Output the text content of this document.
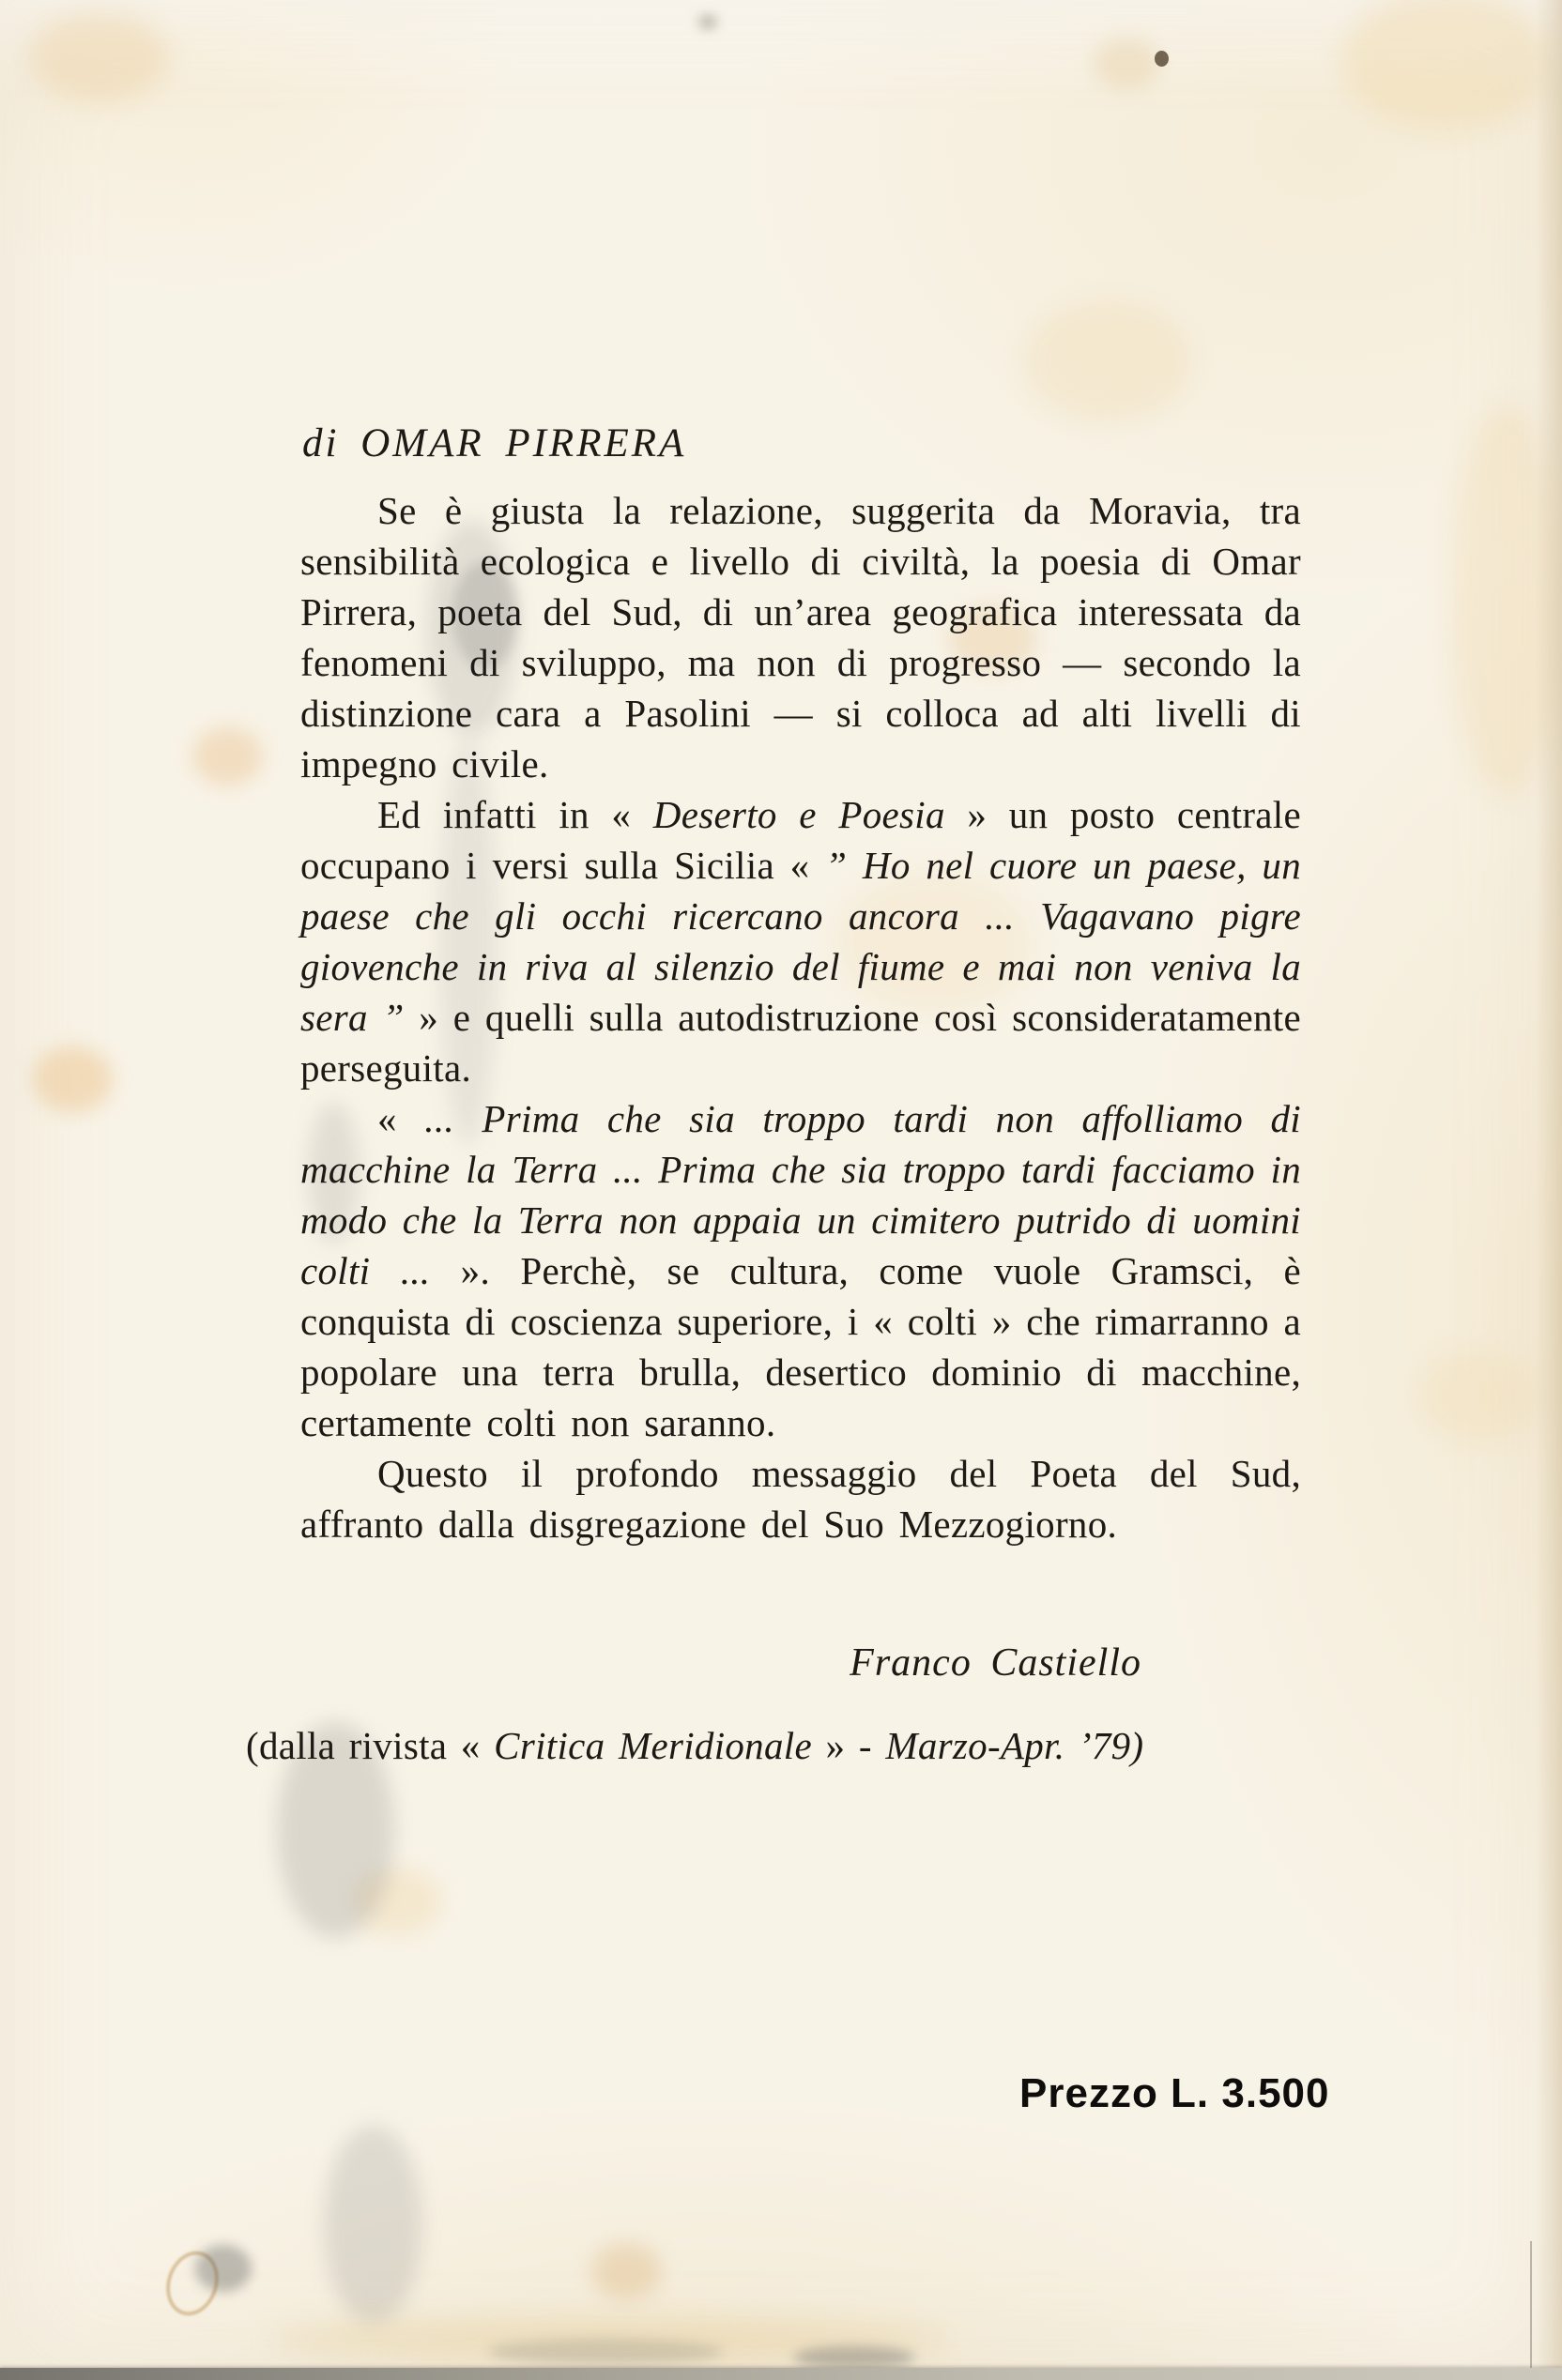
di OMAR PIRRERA

Se è giusta la relazione, suggerita da Moravia, tra sensibilità ecologica e livello di civiltà, la poesia di Omar Pirrera, poeta del Sud, di un’area geografica interessata da fenomeni di sviluppo, ma non di progresso — secondo la distinzione cara a Pasolini — si colloca ad alti livelli di impegno civile.

Ed infatti in « Deserto e Poesia » un posto centrale occupano i versi sulla Sicilia « ” Ho nel cuore un paese, un paese che gli occhi ricercano ancora ... Vagavano pigre giovenche in riva al silenzio del fiume e mai non veniva la sera ” » e quelli sulla autodistruzione così sconsideratamente perseguita.

« ... Prima che sia troppo tardi non affolliamo di macchine la Terra ... Prima che sia troppo tardi facciamo in modo che la Terra non appaia un cimitero putrido di uomini colti ... ». Perchè, se cultura, come vuole Gramsci, è conquista di coscienza superiore, i « colti » che rimarranno a popolare una terra brulla, desertico dominio di macchine, certamente colti non saranno.

Questo il profondo messaggio del Poeta del Sud, affranto dalla disgregazione del Suo Mezzogiorno.

Franco Castiello
(dalla rivista « Critica Meridionale » - Marzo-Apr. ’79)
Prezzo L. 3.500
